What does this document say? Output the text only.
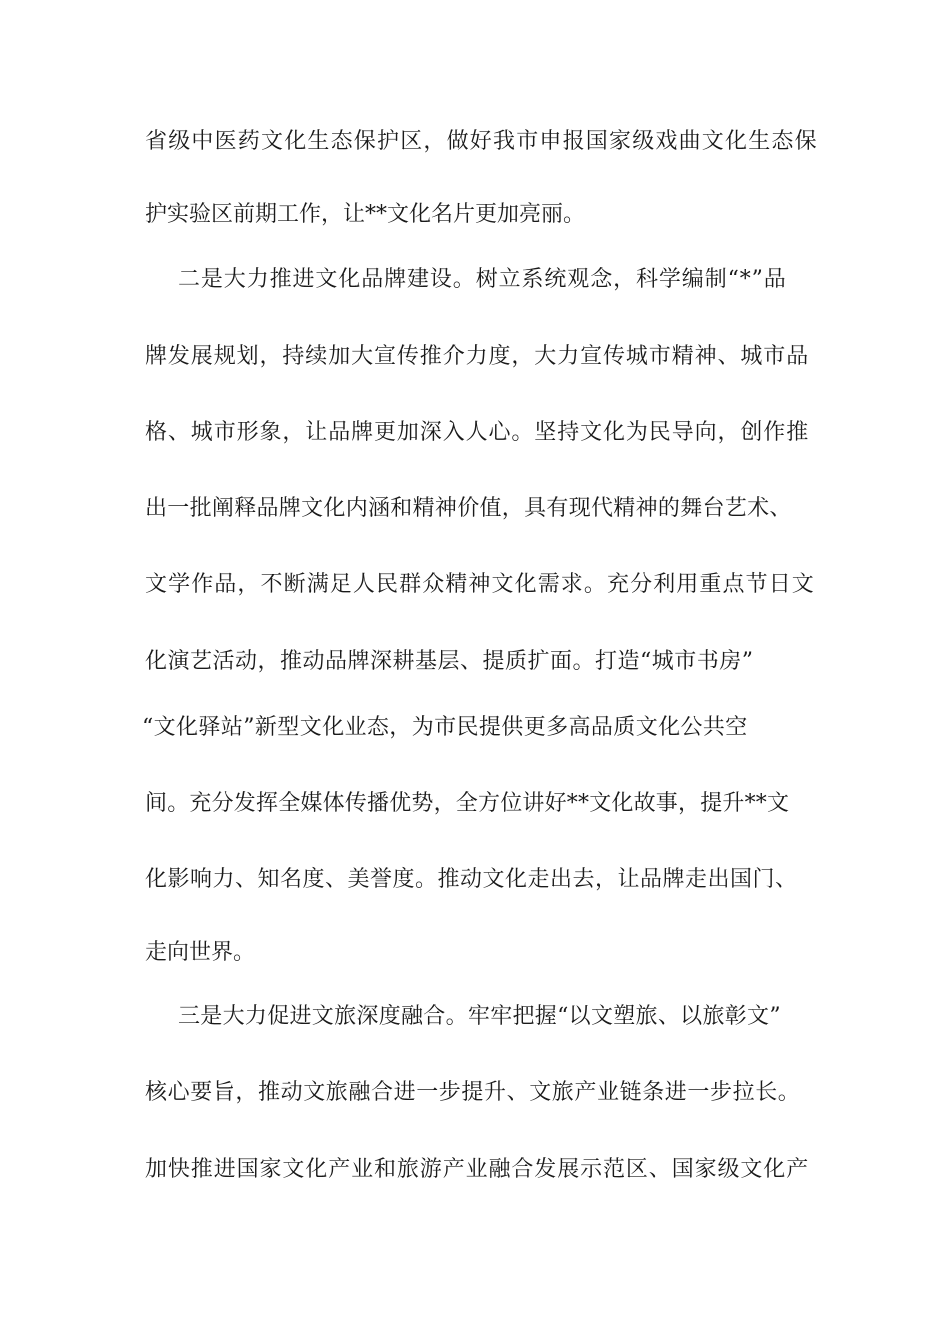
省级中医药文化生态保护区，做好我市申报国家级戏曲文化生态保
护实验区前期工作，让**文化名片更加亮丽。
二是大力推进文化品牌建设。树立系统观念，科学编制“*”品
牌发展规划，持续加大宣传推介力度，大力宣传城市精神、城市品
格、城市形象，让品牌更加深入人心。坚持文化为民导向，创作推
出一批阐释品牌文化内涵和精神价值，具有现代精神的舞台艺术、
文学作品，不断满足人民群众精神文化需求。充分利用重点节日文
化演艺活动，推动品牌深耕基层、提质扩面。打造“城市书房”
“文化驿站”新型文化业态，为市民提供更多高品质文化公共空
间。充分发挥全媒体传播优势，全方位讲好**文化故事，提升**文
化影响力、知名度、美誉度。推动文化走出去，让品牌走出国门、
走向世界。
三是大力促进文旅深度融合。牢牢把握“以文塑旅、以旅彰文”
核心要旨，推动文旅融合进一步提升、文旅产业链条进一步拉长。
加快推进国家文化产业和旅游产业融合发展示范区、国家级文化产
